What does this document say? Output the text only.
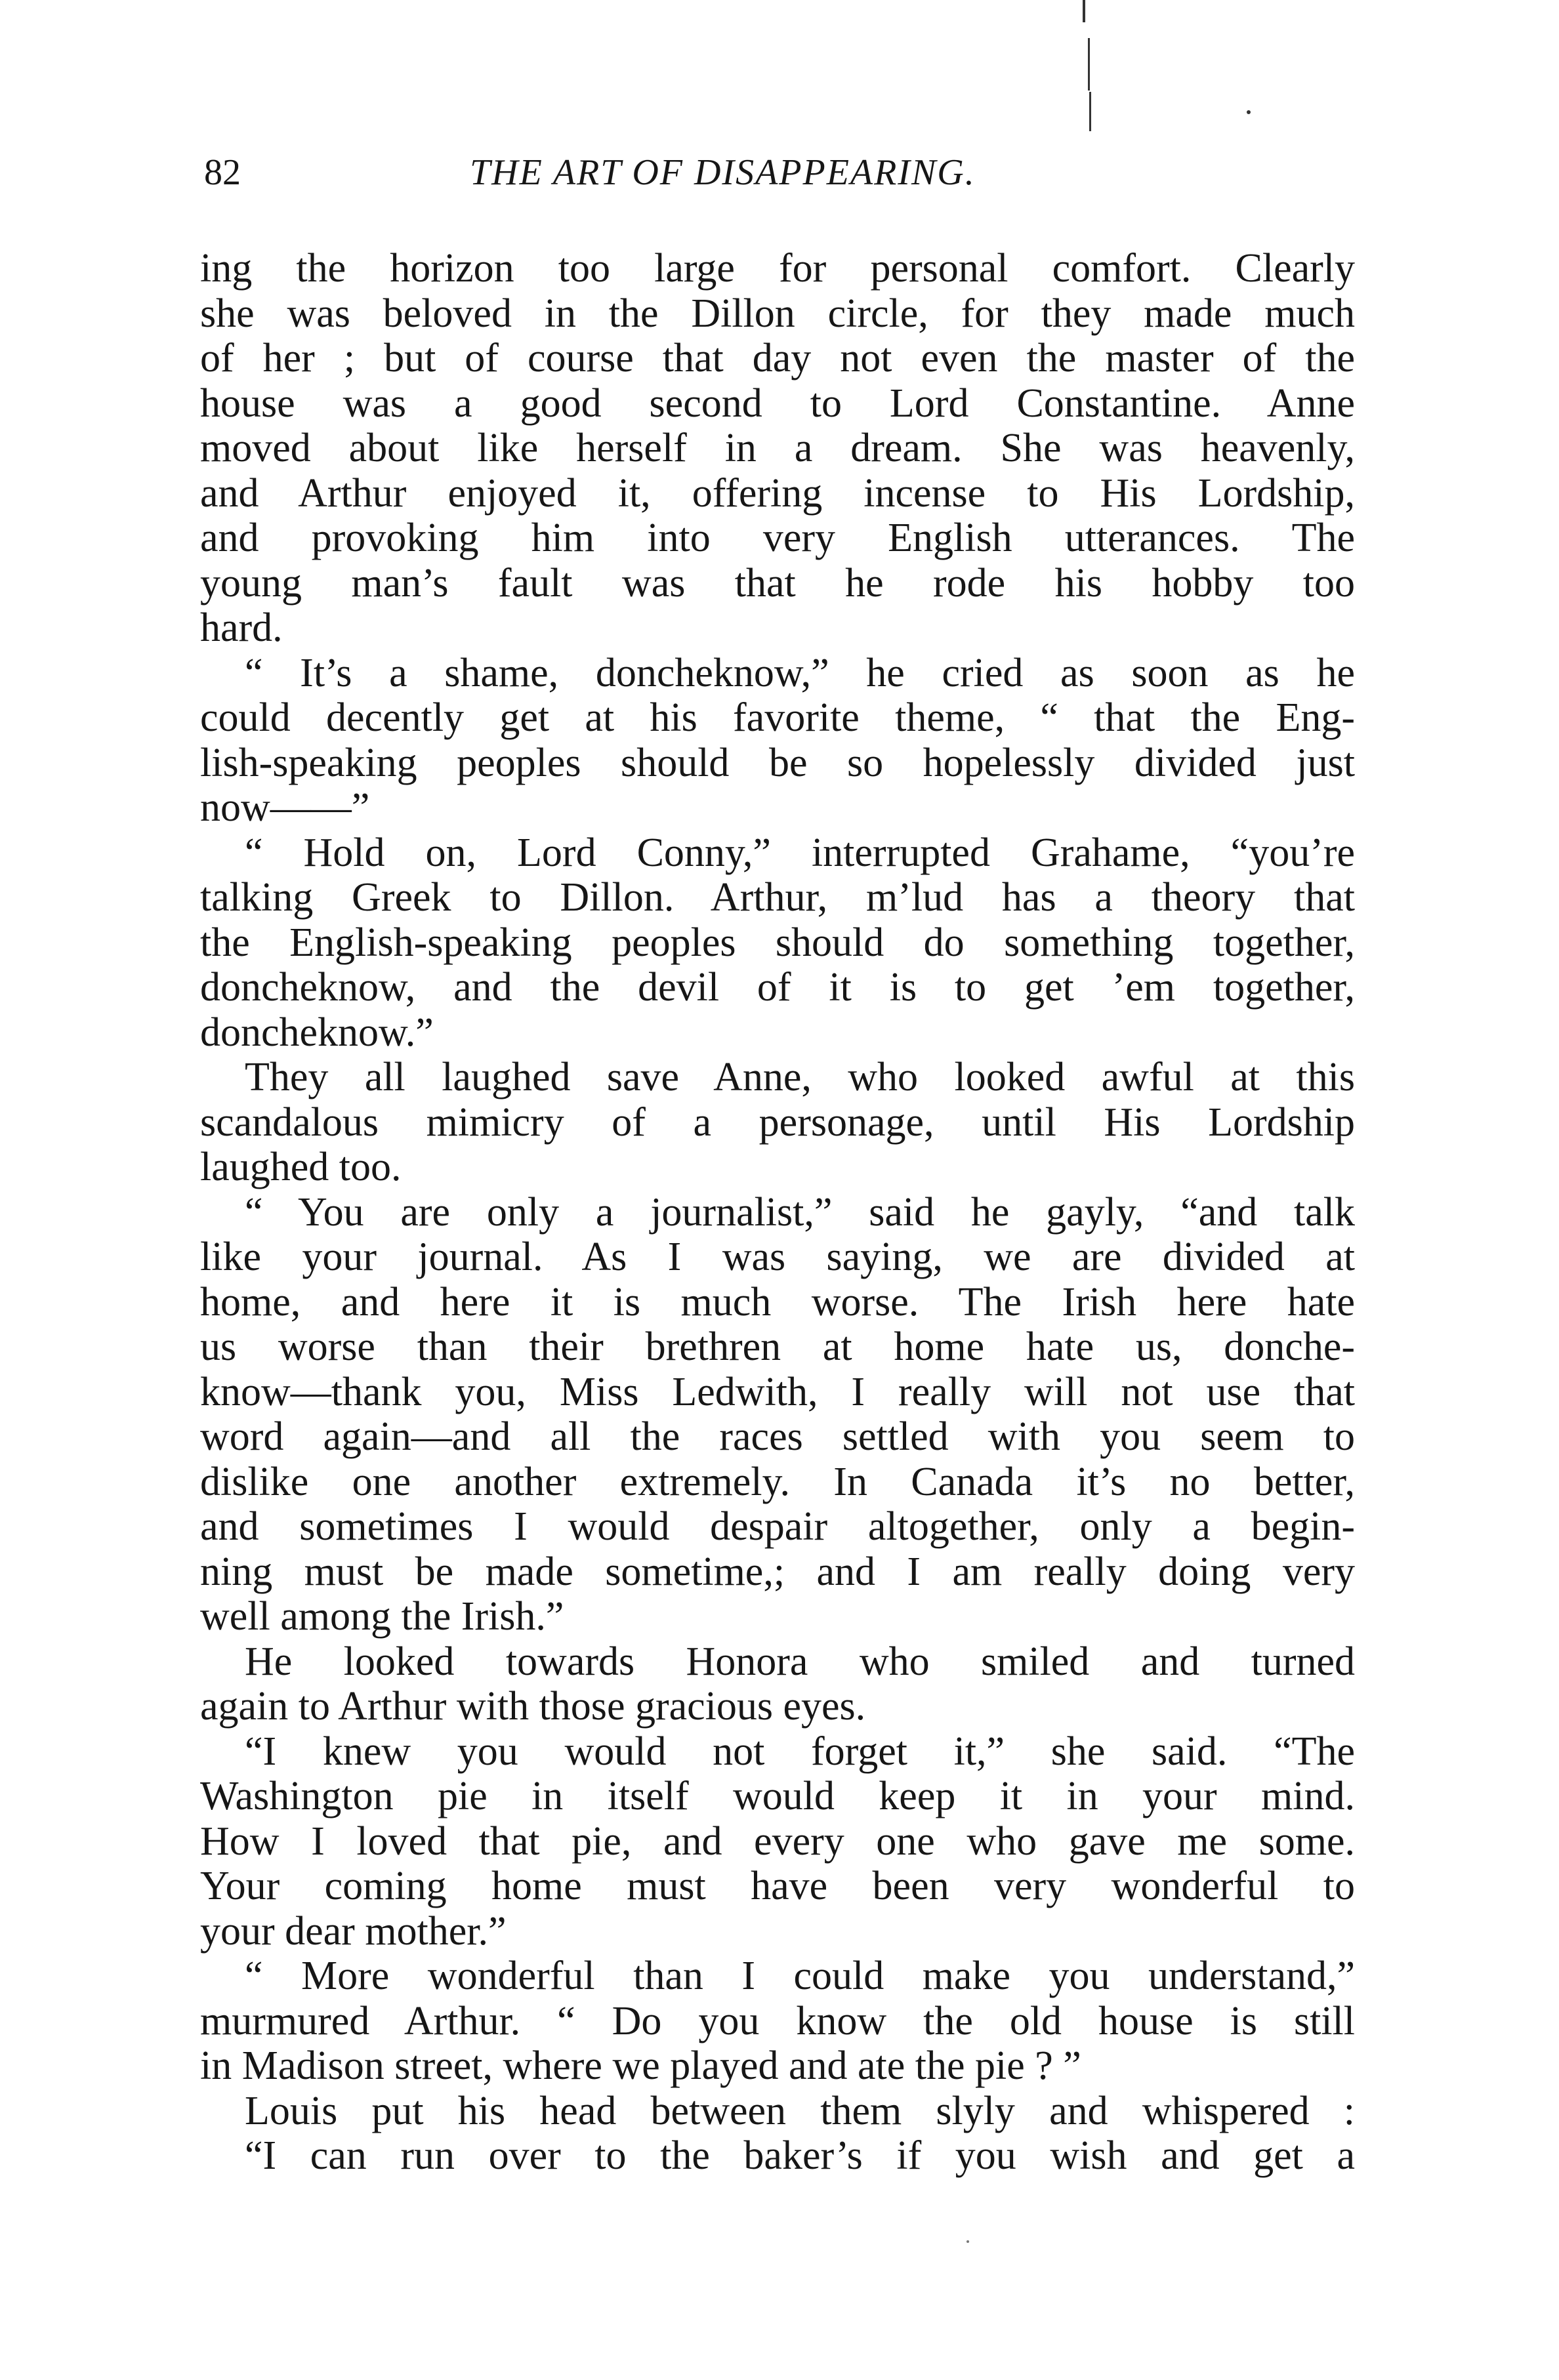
82	THE ART OF DISAPPEARING.
ing the horizon too large for personal comfort. Clearly
she was beloved in the Dillon circle, for they made much
of her ; but of course that day not even the master of the
house was a good second to Lord Constantine. Anne
moved about like herself in a dream. She was heavenly,
and Arthur enjoyed it, offering incense to His Lordship,
and provoking him into very English utterances. The
young man’s fault was that he rode his hobby too
hard.
“ It’s a shame, doncheknow,” he cried as soon as he
could decently get at his favorite theme, “ that the Eng-
lish-speaking peoples should be so hopelessly divided just
now——”
“ Hold on, Lord Conny,” interrupted Grahame, “you’re
talking Greek to Dillon. Arthur, m’lud has a theory that
the English-speaking peoples should do something together,
doncheknow, and the devil of it is to get ’em together,
doncheknow.”
They all laughed save Anne, who looked awful at this
scandalous mimicry of a personage, until His Lordship
laughed too.
“ You are only a journalist,” said he gayly, “and talk
like your journal. As I was saying, we are divided at
home, and here it is much worse. The Irish here hate
us worse than their brethren at home hate us, donche-
know—thank you, Miss Ledwith, I really will not use that
word again—and all the races settled with you seem to
dislike one another extremely. In Canada it’s no better,
and sometimes I would despair altogether, only a begin-
ning must be made sometime,; and I am really doing very
well among the Irish.”
He looked towards Honora who smiled and turned
again to Arthur with those gracious eyes.
“I knew you would not forget it,” she said. “The
Washington pie in itself would keep it in your mind.
How I loved that pie, and every one who gave me some.
Your coming home must have been very wonderful to
your dear mother.”
“ More wonderful than I could make you understand,”
murmured Arthur. “ Do you know the old house is still
in Madison street, where we played and ate the pie ? ”
Louis put his head between them slyly and whispered :
“I can run over to the baker’s if you wish and get a
